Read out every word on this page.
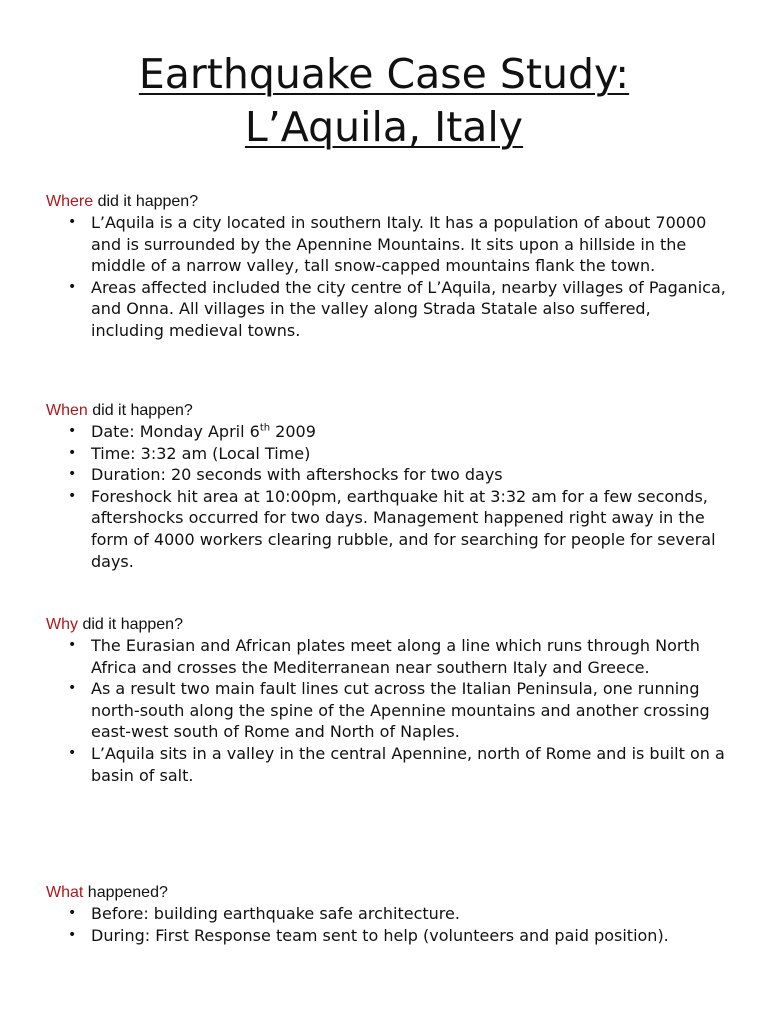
Earthquake Case Study:
L’Aquila, Italy
Where did it happen?
• L’Aquila is a city located in southern Italy. It has a population of about 70000 and is surrounded by the Apennine Mountains. It sits upon a hillside in the middle of a narrow valley, tall snow-capped mountains flank the town.
• Areas affected included the city centre of L’Aquila, nearby villages of Paganica, and Onna. All villages in the valley along Strada Statale also suffered, including medieval towns.
When did it happen?
• Date: Monday April 6th 2009
• Time: 3:32 am (Local Time)
• Duration: 20 seconds with aftershocks for two days
• Foreshock hit area at 10:00pm, earthquake hit at 3:32 am for a few seconds, aftershocks occurred for two days. Management happened right away in the form of 4000 workers clearing rubble, and for searching for people for several days.
Why did it happen?
• The Eurasian and African plates meet along a line which runs through North Africa and crosses the Mediterranean near southern Italy and Greece.
• As a result two main fault lines cut across the Italian Peninsula, one running north-south along the spine of the Apennine mountains and another crossing east-west south of Rome and North of Naples.
• L’Aquila sits in a valley in the central Apennine, north of Rome and is built on a basin of salt.
What happened?
• Before: building earthquake safe architecture.
• During: First Response team sent to help (volunteers and paid position).
